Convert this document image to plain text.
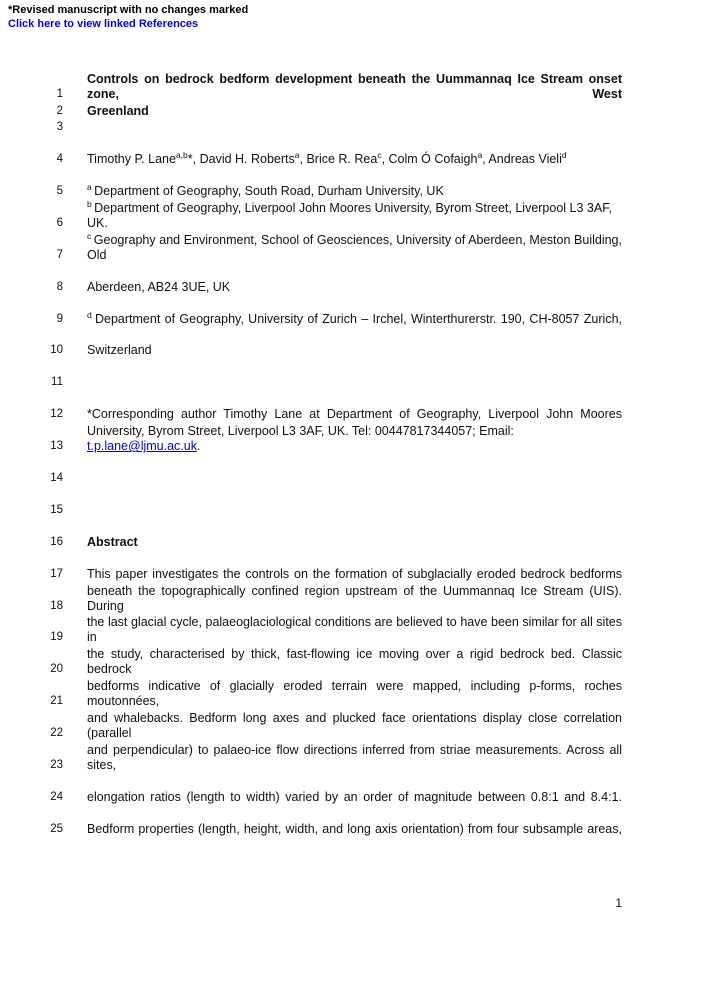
*Revised manuscript with no changes marked
Click here to view linked References
1
Controls on bedrock bedform development beneath the Uummannaq Ice Stream onset zone, West
2 Greenland
3
4 Timothy P. Lane$^{a,b}$*, David H. Roberts$^a$, Brice R. Rea$^c$, Colm Ó Cofaigh$^a$, Andreas Vieli$^d$
5	$^a$ Department of Geography, South Road, Durham University, UK
6
$^b$ Department of Geography, Liverpool John Moores University, Byrom Street, Liverpool L3 3AF, UK.
7
$^c$ Geography and Environment, School of Geosciences, University of Aberdeen, Meston Building, Old
8 Aberdeen, AB24 3UE, UK
9	$^d$ Department of Geography, University of Zurich – Irchel, Winterthurerstr. 190, CH-8057 Zurich,
10 Switzerland
11
12 *Corresponding author Timothy Lane at Department of Geography, Liverpool John Moores
13
University, Byrom Street, Liverpool L3 3AF, UK. Tel: 00447817344057; Email: t.p.lane@ljmu.ac.uk.
14
15
16 Abstract
17 This paper investigates the controls on the formation of subglacially eroded bedrock bedforms
18
beneath the topographically confined region upstream of the Uummannaq Ice Stream (UIS). During
19
the last glacial cycle, palaeoglaciological conditions are believed to have been similar for all sites in
20
the study, characterised by thick, fast-flowing ice moving over a rigid bedrock bed. Classic bedrock
21
bedforms indicative of glacially eroded terrain were mapped, including p-forms, roches moutonnées,
22
and whalebacks. Bedform long axes and plucked face orientations display close correlation (parallel
23
and perpendicular) to palaeo-ice flow directions inferred from striae measurements. Across all sites,
24 elongation ratios (length to width) varied by an order of magnitude between 0.8:1 and 8.4:1.
25 Bedform properties (length, height, width, and long axis orientation) from four subsample areas,
1
